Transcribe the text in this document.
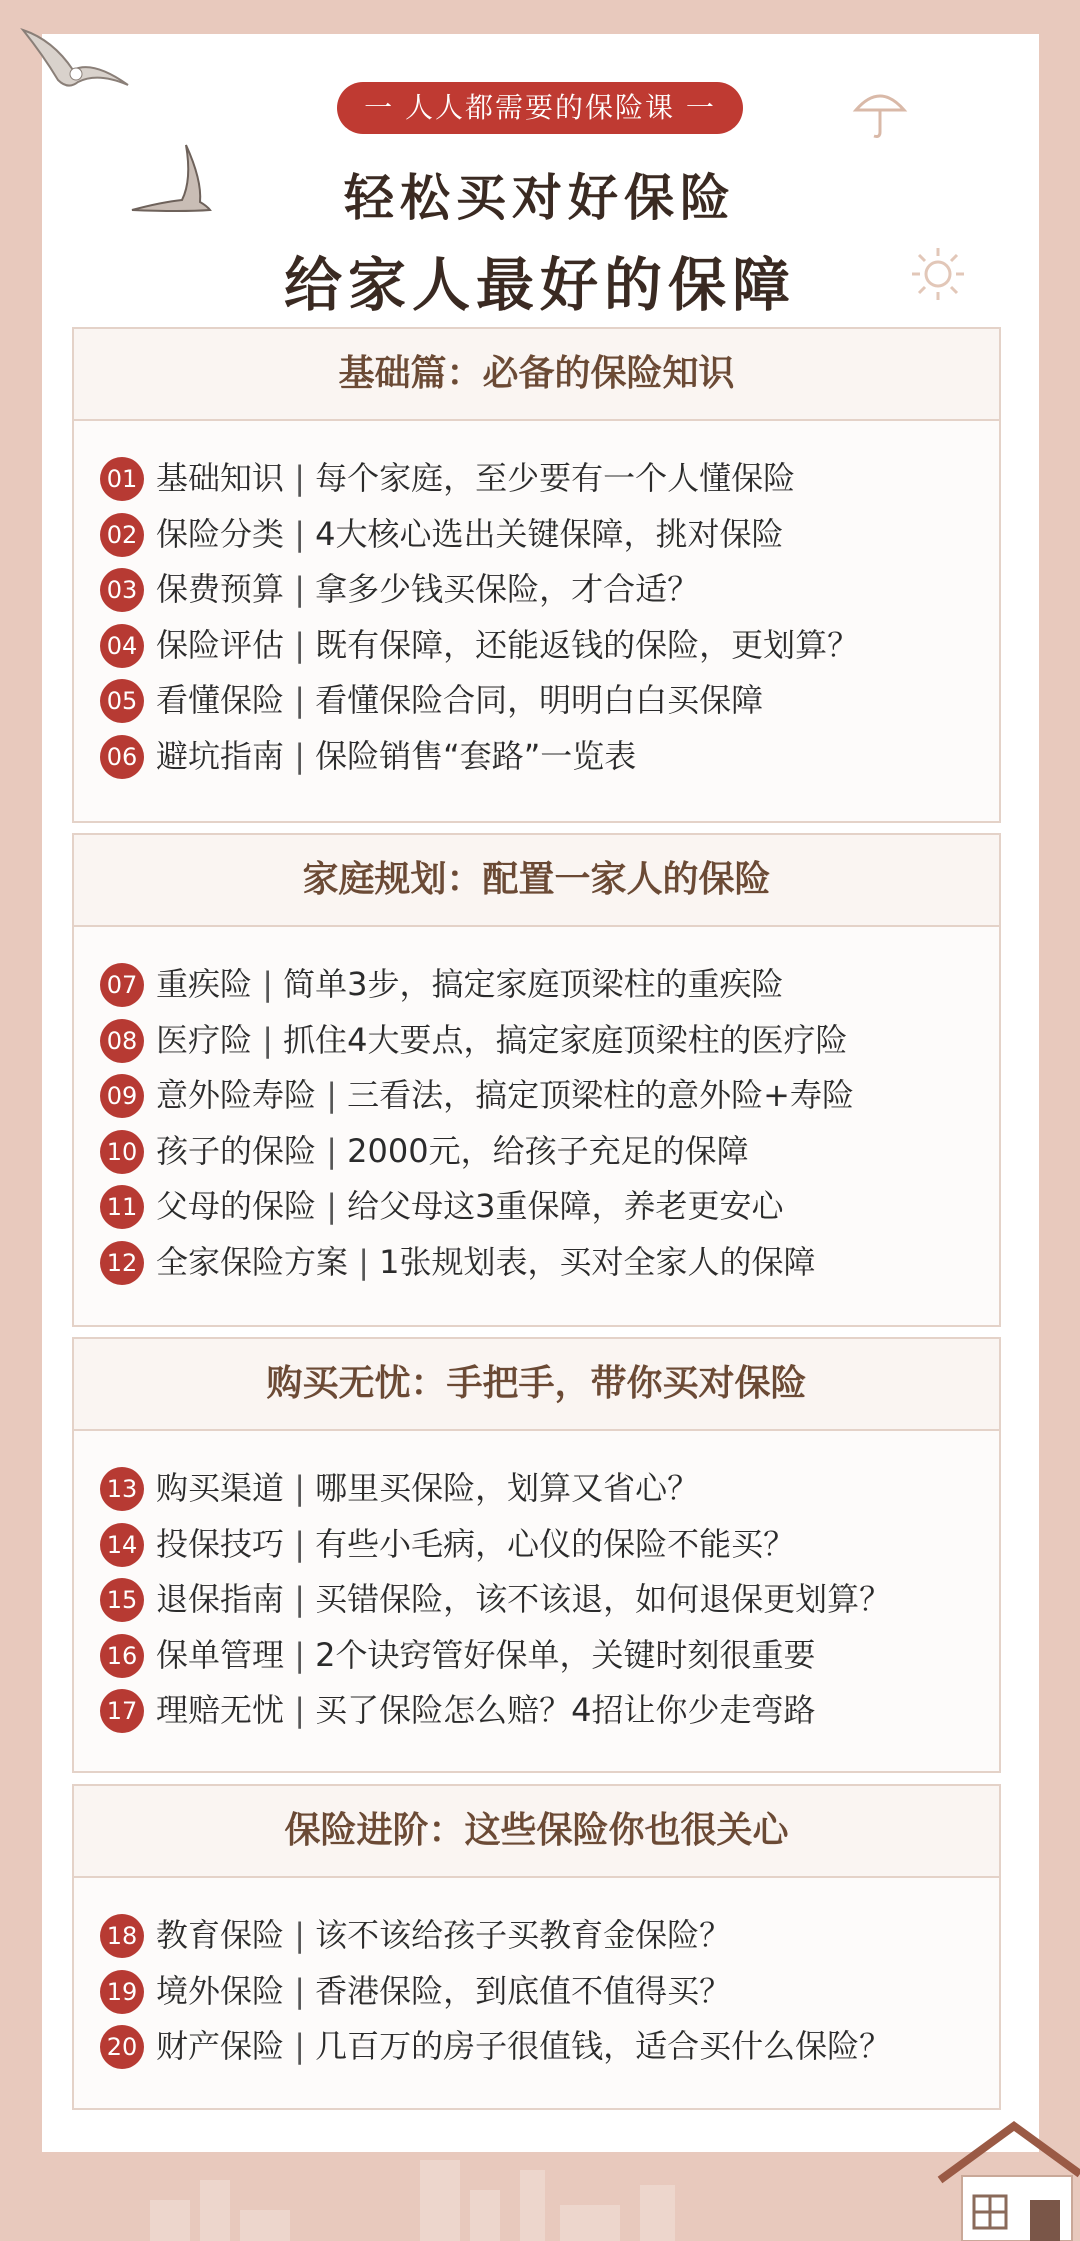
一 人人都需要的保险课 一
轻松买对好保险
给家人最好的保障
基础篇：必备的保险知识
01 基础知识 | 每个家庭，至少要有一个人懂保险
02 保险分类 | 4大核心选出关键保障，挑对保险
03 保费预算 | 拿多少钱买保险，才合适？
04 保险评估 | 既有保障，还能返钱的保险，更划算？
05 看懂保险 | 看懂保险合同，明明白白买保障
06 避坑指南 | 保险销售“套路”一览表
家庭规划：配置一家人的保险
07 重疾险 | 简单3步，搞定家庭顶梁柱的重疾险
08 医疗险 | 抓住4大要点，搞定家庭顶梁柱的医疗险
09 意外险寿险 | 三看法，搞定顶梁柱的意外险+寿险
10 孩子的保险 | 2000元，给孩子充足的保障
11 父母的保险 | 给父母这3重保障，养老更安心
12 全家保险方案 | 1张规划表，买对全家人的保障
购买无忧：手把手，带你买对保险
13 购买渠道 | 哪里买保险，划算又省心？
14 投保技巧 | 有些小毛病，心仪的保险不能买？
15 退保指南 | 买错保险，该不该退，如何退保更划算？
16 保单管理 | 2个诀窍管好保单，关键时刻很重要
17 理赔无忧 | 买了保险怎么赔？4招让你少走弯路
保险进阶：这些保险你也很关心
18 教育保险 | 该不该给孩子买教育金保险？
19 境外保险 | 香港保险，到底值不值得买？
20 财产保险 | 几百万的房子很值钱，适合买什么保险？
